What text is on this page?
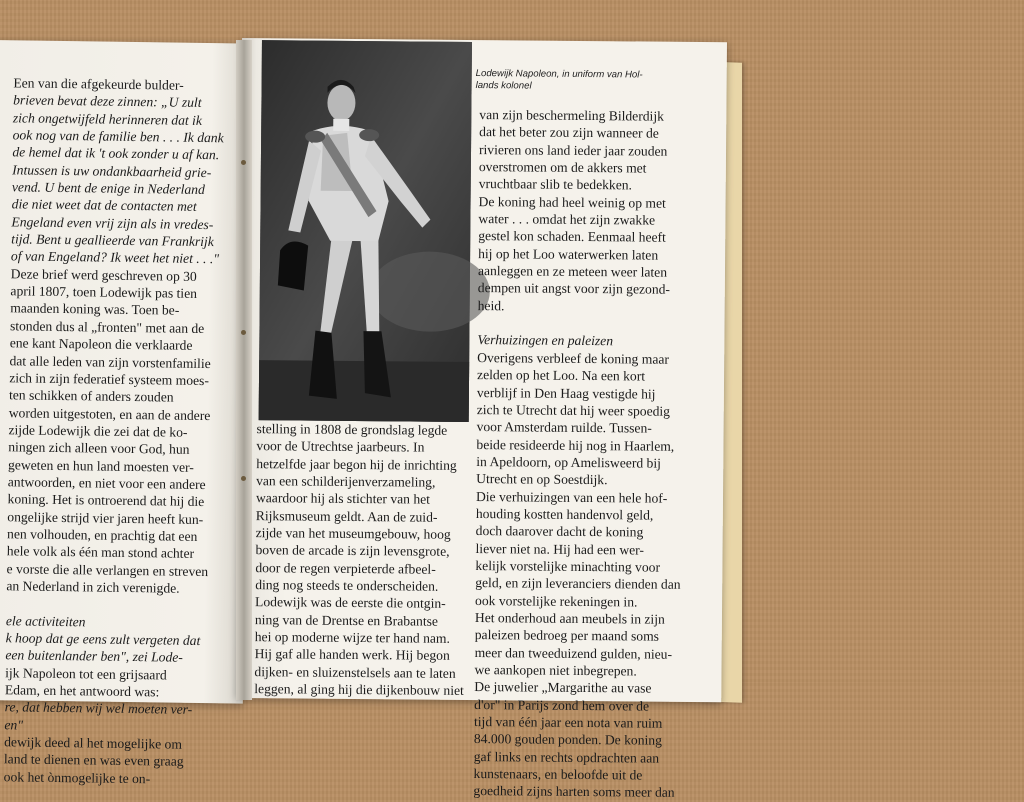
Een van die afgekeurde bulder-
brieven bevat deze zinnen: „U zult
zich ongetwijfeld herinneren dat ik
ook nog van de familie ben . . . Ik dank
de hemel dat ik 't ook zonder u af kan.
Intussen is uw ondankbaarheid grie-
vend. U bent de enige in Nederland
die niet weet dat de contacten met
Engeland even vrij zijn als in vredes-
tijd. Bent u geallieerde van Frankrijk
of van Engeland? Ik weet het niet . . ."
Deze brief werd geschreven op 30
april 1807, toen Lodewijk pas tien
maanden koning was. Toen be-
stonden dus al „fronten" met aan de
ene kant Napoleon die verklaarde
dat alle leden van zijn vorstenfamilie
zich in zijn federatief systeem moes-
ten schikken of anders zouden
worden uitgestoten, en aan de andere
zijde Lodewijk die zei dat de ko-
ningen zich alleen voor God, hun
geweten en hun land moesten ver-
antwoorden, en niet voor een andere
koning. Het is ontroerend dat hij die
ongelijke strijd vier jaren heeft kun-
nen volhouden, en prachtig dat een
hele volk als één man stond achter
e vorste die alle verlangen en streven
an Nederland in zich verenigde.
ele activiteiten
k hoop dat ge eens zult vergeten dat
een buitenlander ben", zei Lode-
ijk Napoleon tot een grijsaard
Edam, en het antwoord was:
re, dat hebben wij wel moeten ver-
en"
dewijk deed al het mogelijke om
land te dienen en was even graag
ook het ònmogelijke te on-
Lodewijk Napoleon, in uniform van Hol-
lands kolonel
stelling in 1808 de grondslag legde
voor de Utrechtse jaarbeurs. In
hetzelfde jaar begon hij de inrichting
van een schilderijenverzameling,
waardoor hij als stichter van het
Rijksmuseum geldt. Aan de zuid-
zijde van het museumgebouw, hoog
boven de arcade is zijn levensgrote,
door de regen verpieterde afbeel-
ding nog steeds te onderscheiden.
Lodewijk was de eerste die ontgin-
ning van de Drentse en Brabantse
hei op moderne wijze ter hand nam.
Hij gaf alle handen werk. Hij begon
dijken- en sluizenstelsels aan te laten
leggen, al ging hij die dijkenbouw niet
van zijn beschermeling Bilderdijk
dat het beter zou zijn wanneer de
rivieren ons land ieder jaar zouden
overstromen om de akkers met
vruchtbaar slib te bedekken.
De koning had heel weinig op met
water . . . omdat het zijn zwakke
gestel kon schaden. Eenmaal heeft
hij op het Loo waterwerken laten
aanleggen en ze meteen weer laten
dempen uit angst voor zijn gezond-
heid.
Verhuizingen en paleizen
Overigens verbleef de koning maar
zelden op het Loo. Na een kort
verblijf in Den Haag vestigde hij
zich te Utrecht dat hij weer spoedig
voor Amsterdam ruilde. Tussen-
beide resideerde hij nog in Haarlem,
in Apeldoorn, op Amelisweerd bij
Utrecht en op Soestdijk.
Die verhuizingen van een hele hof-
houding kostten handenvol geld,
doch daarover dacht de koning
liever niet na. Hij had een wer-
kelijk vorstelijke minachting voor
geld, en zijn leveranciers dienden dan
ook vorstelijke rekeningen in.
Het onderhoud aan meubels in zijn
paleizen bedroeg per maand soms
meer dan tweeduizend gulden, nieu-
we aankopen niet inbegrepen.
De juwelier „Margarithe au vase
d'or" in Parijs zond hem over de
tijd van één jaar een nota van ruim
84.000 gouden ponden. De koning
gaf links en rechts opdrachten aan
kunstenaars, en beloofde uit de
goedheid zijns harten soms meer dan
